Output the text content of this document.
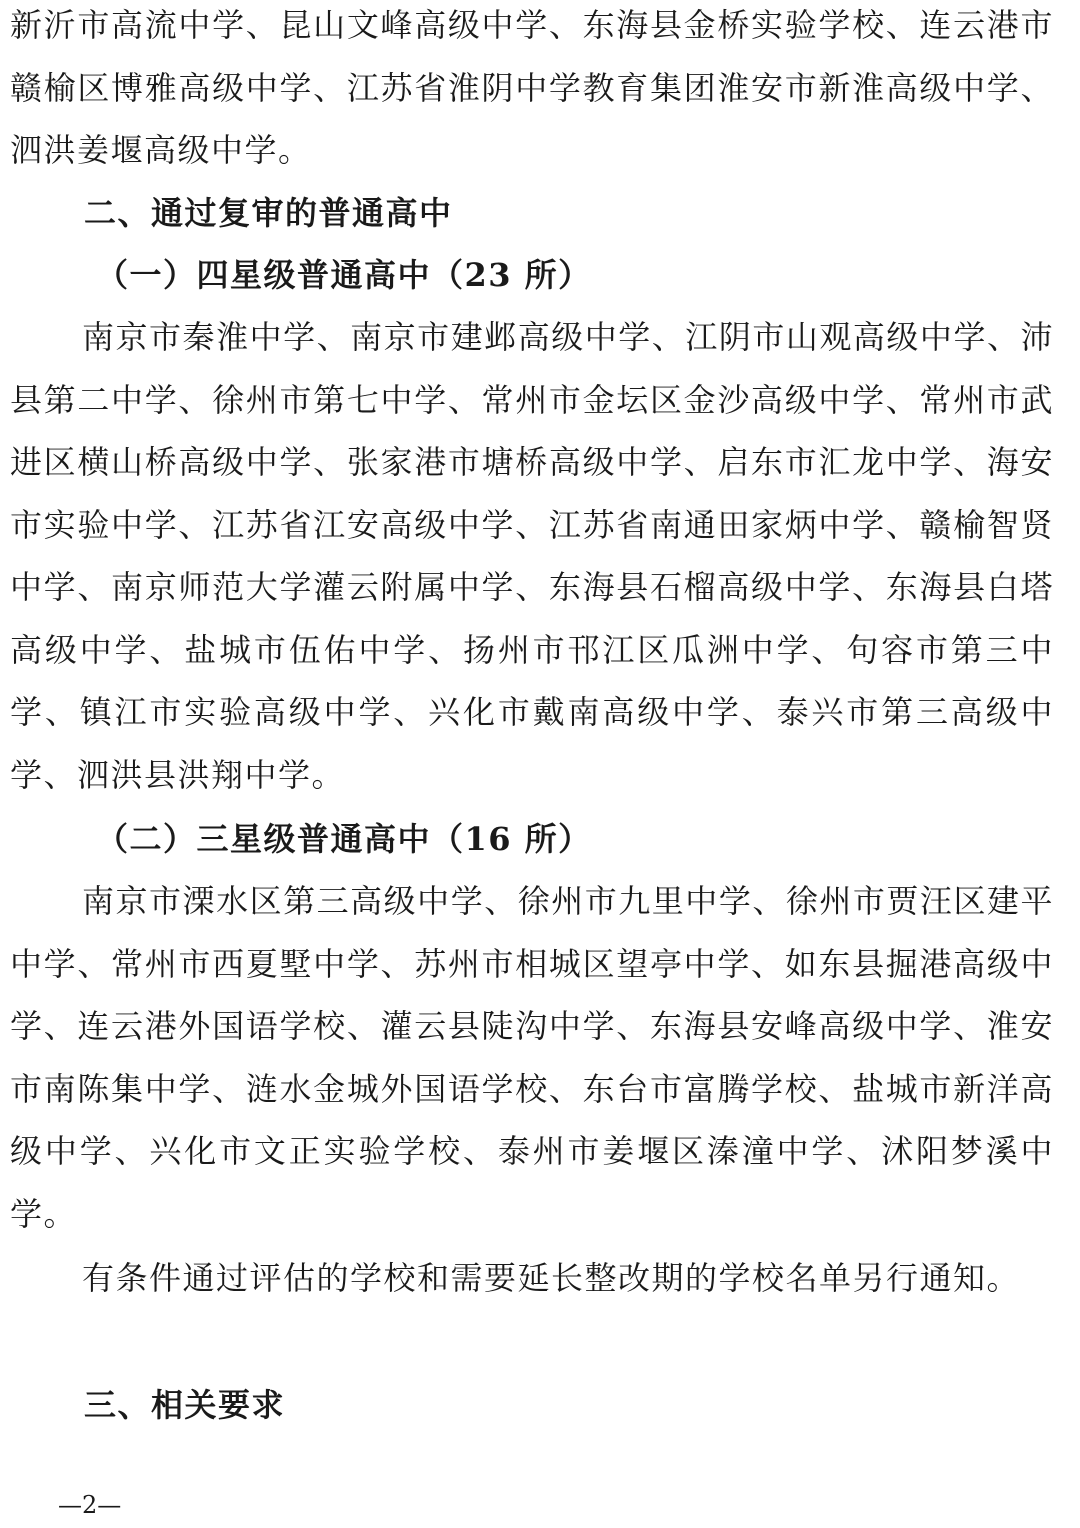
新沂市高流中学、昆山文峰高级中学、东海县金桥实验学校、连云港市赣榆区博雅高级中学、江苏省淮阴中学教育集团淮安市新淮高级中学、泗洪姜堰高级中学。

二、通过复审的普通高中
（一）四星级普通高中（23 所）

南京市秦淮中学、南京市建邺高级中学、江阴市山观高级中学、沛县第二中学、徐州市第七中学、常州市金坛区金沙高级中学、常州市武进区横山桥高级中学、张家港市塘桥高级中学、启东市汇龙中学、海安市实验中学、江苏省江安高级中学、江苏省南通田家炳中学、赣榆智贤中学、南京师范大学灌云附属中学、东海县石榴高级中学、东海县白塔高级中学、盐城市伍佑中学、扬州市邗江区瓜洲中学、句容市第三中学、镇江市实验高级中学、兴化市戴南高级中学、泰兴市第三高级中学、泗洪县洪翔中学。

（二）三星级普通高中（16 所）

南京市溧水区第三高级中学、徐州市九里中学、徐州市贾汪区建平中学、常州市西夏墅中学、苏州市相城区望亭中学、如东县掘港高级中学、连云港外国语学校、灌云县陡沟中学、东海县安峰高级中学、淮安市南陈集中学、涟水金城外国语学校、东台市富腾学校、盐城市新洋高级中学、兴化市文正实验学校、泰州市姜堰区溱潼中学、沭阳梦溪中学。

有条件通过评估的学校和需要延长整改期的学校名单另行通知。

三、相关要求
—2—
